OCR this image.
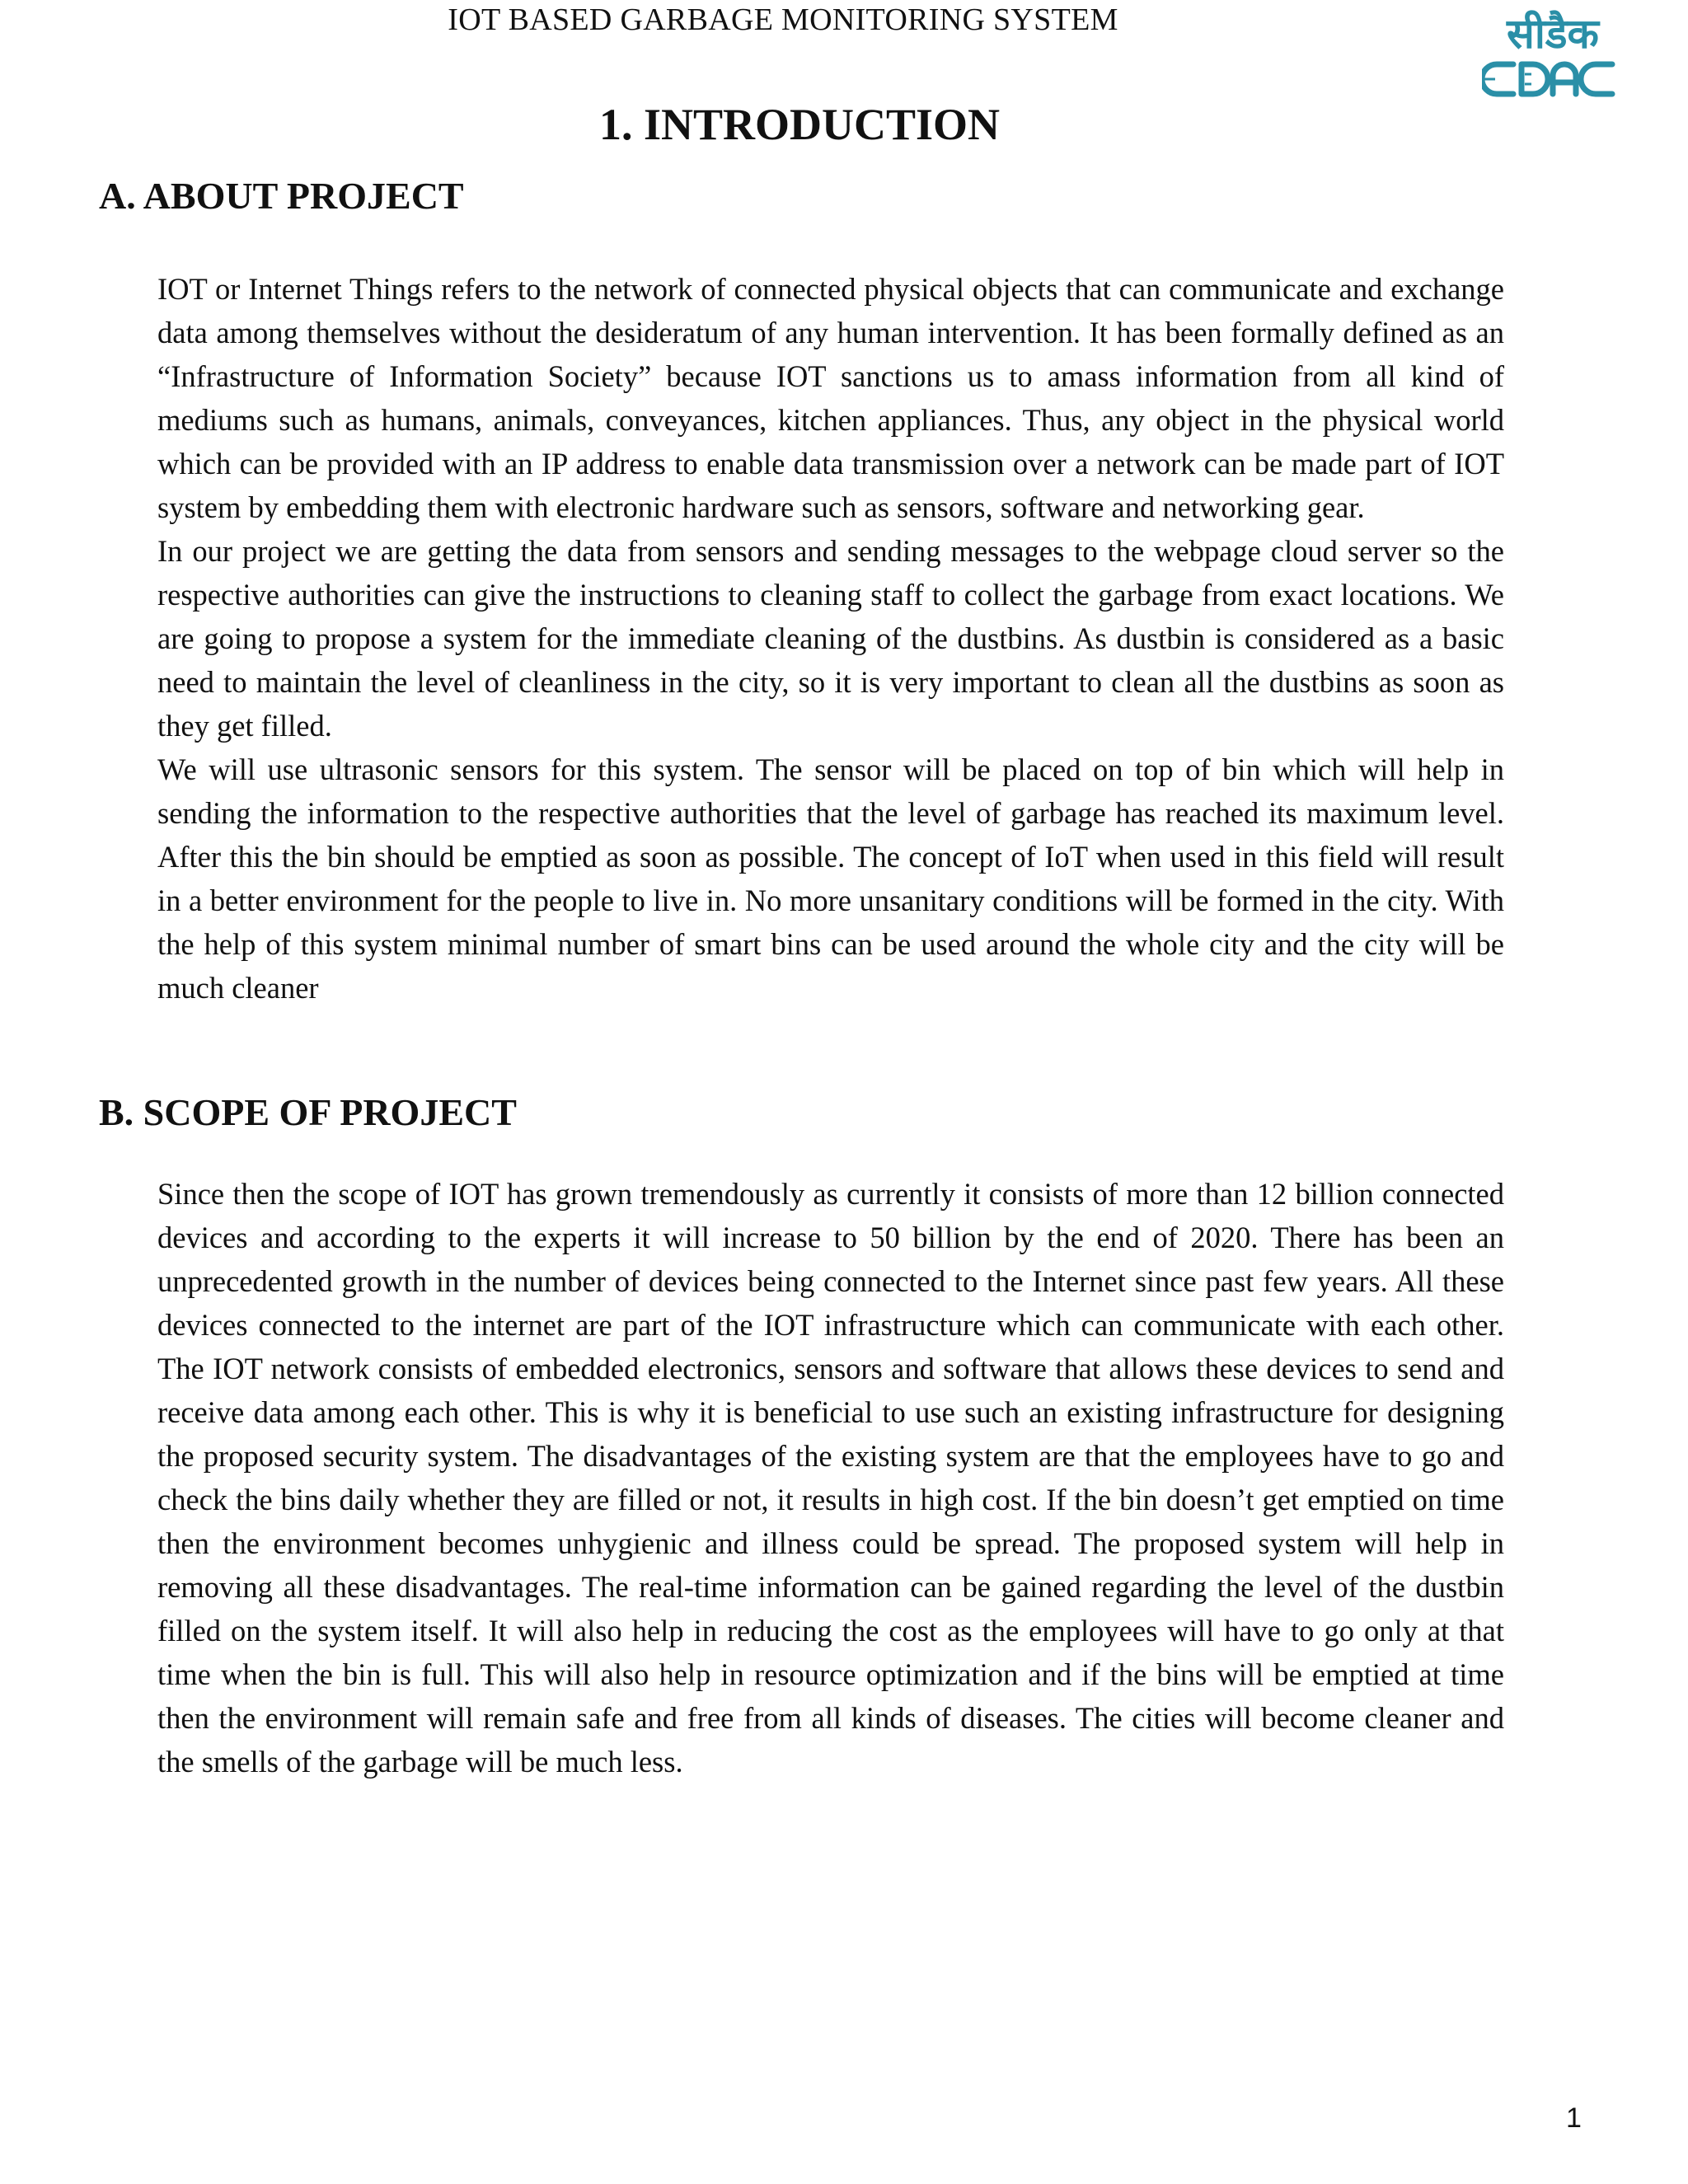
IOT BASED GARBAGE MONITORING SYSTEM	सीडैक
1. INTRODUCTION
A. ABOUT PROJECT

IOT or Internet Things refers to the network of connected physical objects that can communicate and exchange data among themselves without the desideratum of any human intervention. It has been formally defined as an “Infrastructure of Information Society” because IOT sanctions us to amass information from all kind of mediums such as humans, animals, conveyances, kitchen appliances. Thus, any object in the physical world which can be provided with an IP address to enable data transmission over a network can be made part of IOT system by embedding them with electronic hardware such as sensors, software and networking gear.

In our project we are getting the data from sensors and sending messages to the webpage cloud server so the respective authorities can give the instructions to cleaning staff to collect the garbage from exact locations. We are going to propose a system for the immediate cleaning of the dustbins. As dustbin is considered as a basic need to maintain the level of cleanliness in the city, so it is very important to clean all the dustbins as soon as they get filled.

We will use ultrasonic sensors for this system. The sensor will be placed on top of bin which will help in sending the information to the respective authorities that the level of garbage has reached its maximum level. After this the bin should be emptied as soon as possible. The concept of IoT when used in this field will result in a better environment for the people to live in. No more unsanitary conditions will be formed in the city. With the help of this system minimal number of smart bins can be used around the whole city and the city will be much cleaner

B. SCOPE OF PROJECT

Since then the scope of IOT has grown tremendously as currently it consists of more than 12 billion connected devices and according to the experts it will increase to 50 billion by the end of 2020. There has been an unprecedented growth in the number of devices being connected to the Internet since past few years. All these devices connected to the internet are part of the IOT infrastructure which can communicate with each other. The IOT network consists of embedded electronics, sensors and software that allows these devices to send and receive data among each other. This is why it is beneficial to use such an existing infrastructure for designing the proposed security system. The disadvantages of the existing system are that the employees have to go and check the bins daily whether they are filled or not, it results in high cost. If the bin doesn’t get emptied on time then the environment becomes unhygienic and illness could be spread. The proposed system will help in removing all these disadvantages. The real-time information can be gained regarding the level of the dustbin filled on the system itself. It will also help in reducing the cost as the employees will have to go only at that time when the bin is full. This will also help in resource optimization and if the bins will be emptied at time then the environment will remain safe and free from all kinds of diseases. The cities will become cleaner and the smells of the garbage will be much less.

1
